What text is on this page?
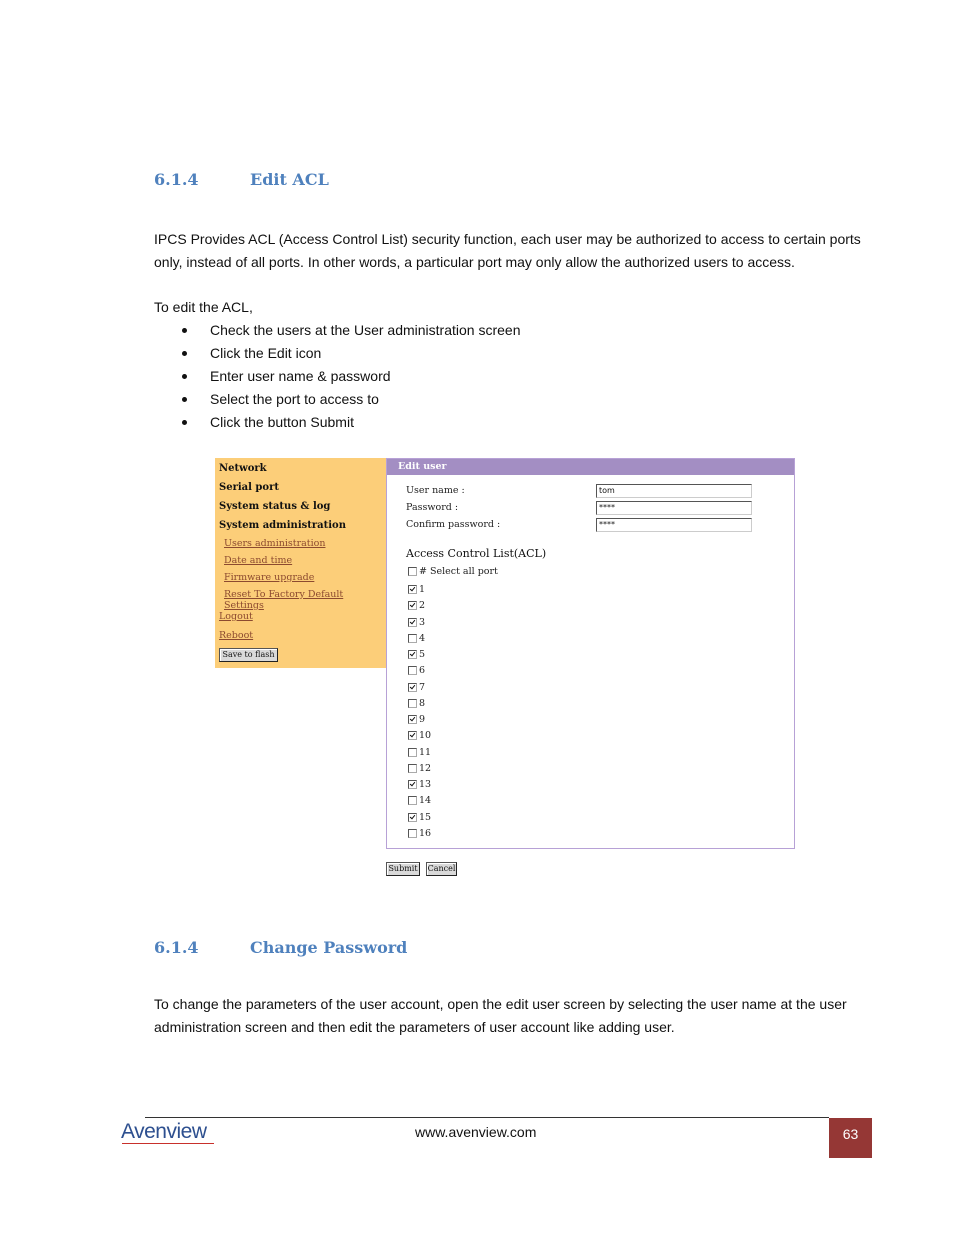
6.1.4	Edit ACL
IPCS Provides ACL (Access Control List) security function, each user may be authorized to access to certain ports only, instead of all ports. In other words, a particular port may only allow the authorized users to access.
To edit the ACL,
Check the users at the User administration screen
Click the Edit icon
Enter user name & password
Select the port to access to
Click the button Submit
Network
Serial port
System status & log
System administration
Users administration
Date and time
Firmware upgrade
Reset To Factory Default Settings
Logout
Reboot
Save to flash
Edit user
User name :	tom
Password :	****
Confirm password :	****
Access Control List(ACL)
# Select all port
1
2
3
4
5
6
7
8
9
10
11
12
13
14
15
16
Submit	Cancel
6.1.4	Change Password
To change the parameters of the user account, open the edit user screen by selecting the user name at the user administration screen and then edit the parameters of user account like adding user.
Avenview	www.avenview.com	63
